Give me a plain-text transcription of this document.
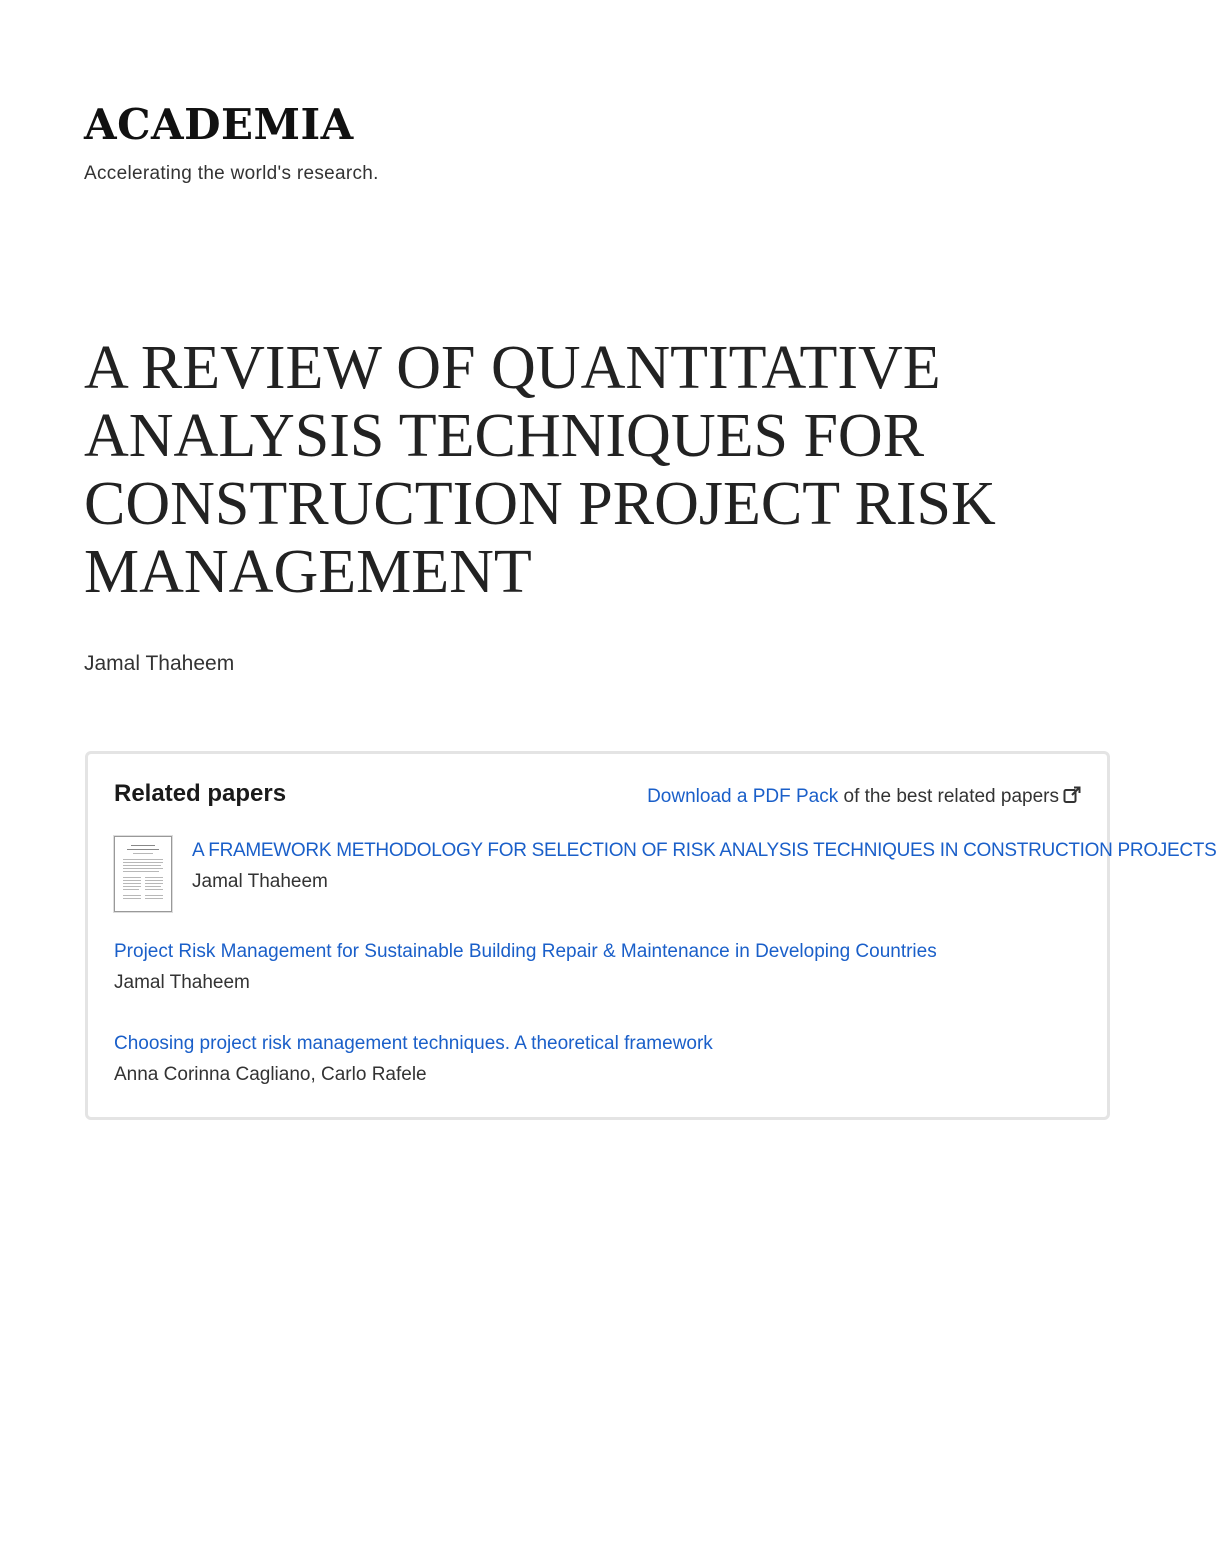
ACADEMIA
Accelerating the world's research.
A REVIEW OF QUANTITATIVE ANALYSIS TECHNIQUES FOR CONSTRUCTION PROJECT RISK MANAGEMENT
Jamal Thaheem
Related papers	Download a PDF Pack of the best related papers
A FRAMEWORK METHODOLOGY FOR SELECTION OF RISK ANALYSIS TECHNIQUES IN CONSTRUCTION PROJECTS
Jamal Thaheem
Project Risk Management for Sustainable Building Repair & Maintenance in Developing Countries
Jamal Thaheem
Choosing project risk management techniques. A theoretical framework
Anna Corinna Cagliano, Carlo Rafele
